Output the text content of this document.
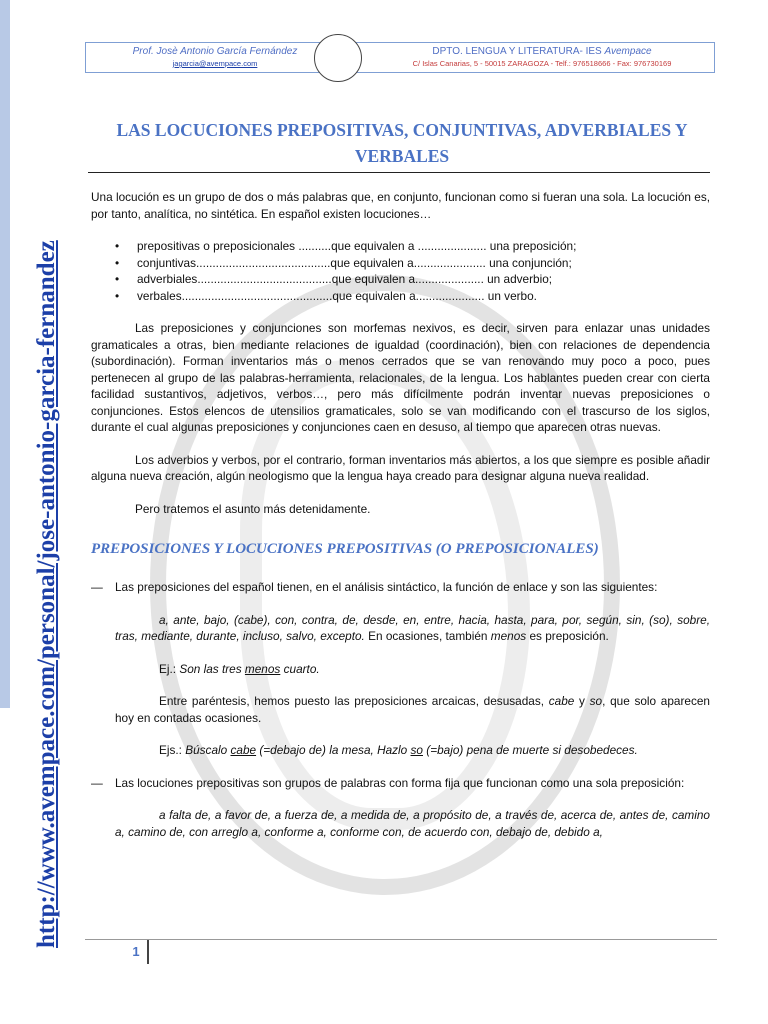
http://www.avempace.com/personal/jose-antonio-garcia-fernandez
Prof. Josè Antonio García Fernández
jagarcia@avempace.com
DPTO. LENGUA Y LITERATURA- IES Avempace
C/ Islas Canarias, 5 - 50015 ZARAGOZA - Telf.: 976518666 - Fax: 976730169
LAS LOCUCIONES PREPOSITIVAS, CONJUNTIVAS, ADVERBIALES Y VERBALES

Una locución es un grupo de dos o más palabras que, en conjunto, funcionan como si fueran una sola. La locución es, por tanto, analítica, no sintética. En español existen locuciones…

• prepositivas o preposicionales ..........que equivalen a ..................... una preposición;
• conjuntivas.........................................que equivalen a...................... una conjunción;
• adverbiales.........................................que equivalen a..................... un adverbio;
• verbales..............................................que equivalen a..................... un verbo.

Las preposiciones y conjunciones son morfemas nexivos, es decir, sirven para enlazar unas unidades gramaticales a otras, bien mediante relaciones de igualdad (coordinación), bien con relaciones de dependencia (subordinación). Forman inventarios más o menos cerrados que se van renovando muy poco a poco, pues pertenecen al grupo de las palabras-herramienta, relacionales, de la lengua. Los hablantes pueden crear con cierta facilidad sustantivos, adjetivos, verbos…, pero más difícilmente podrán inventar nuevas preposiciones o conjunciones. Estos elencos de utensilios gramaticales, solo se van modificando con el trascurso de los siglos, durante el cual algunas preposiciones y conjunciones caen en desuso, al tiempo que aparecen otras nuevas.

Los adverbios y verbos, por el contrario, forman inventarios más abiertos, a los que siempre es posible añadir alguna nueva creación, algún neologismo que la lengua haya creado para designar alguna nueva realidad.

Pero tratemos el asunto más detenidamente.

PREPOSICIONES Y LOCUCIONES PREPOSITIVAS (O PREPOSICIONALES)

— Las preposiciones del español tienen, en el análisis sintáctico, la función de enlace y son las siguientes:

a, ante, bajo, (cabe), con, contra, de, desde, en, entre, hacia, hasta, para, por, según, sin, (so), sobre, tras, mediante, durante, incluso, salvo, excepto. En ocasiones, también menos es preposición.

Ej.: Son las tres menos cuarto.

Entre paréntesis, hemos puesto las preposiciones arcaicas, desusadas, cabe y so, que solo aparecen hoy en contadas ocasiones.

Ejs.: Búscalo cabe (=debajo de) la mesa, Hazlo so (=bajo) pena de muerte si desobedeces.

— Las locuciones prepositivas son grupos de palabras con forma fija que funcionan como una sola preposición:

a falta de, a favor de, a fuerza de, a medida de, a propósito de, a través de, acerca de, antes de, camino a, camino de, con arreglo a, conforme a, conforme con, de acuerdo con, debajo de, debido a,

1
